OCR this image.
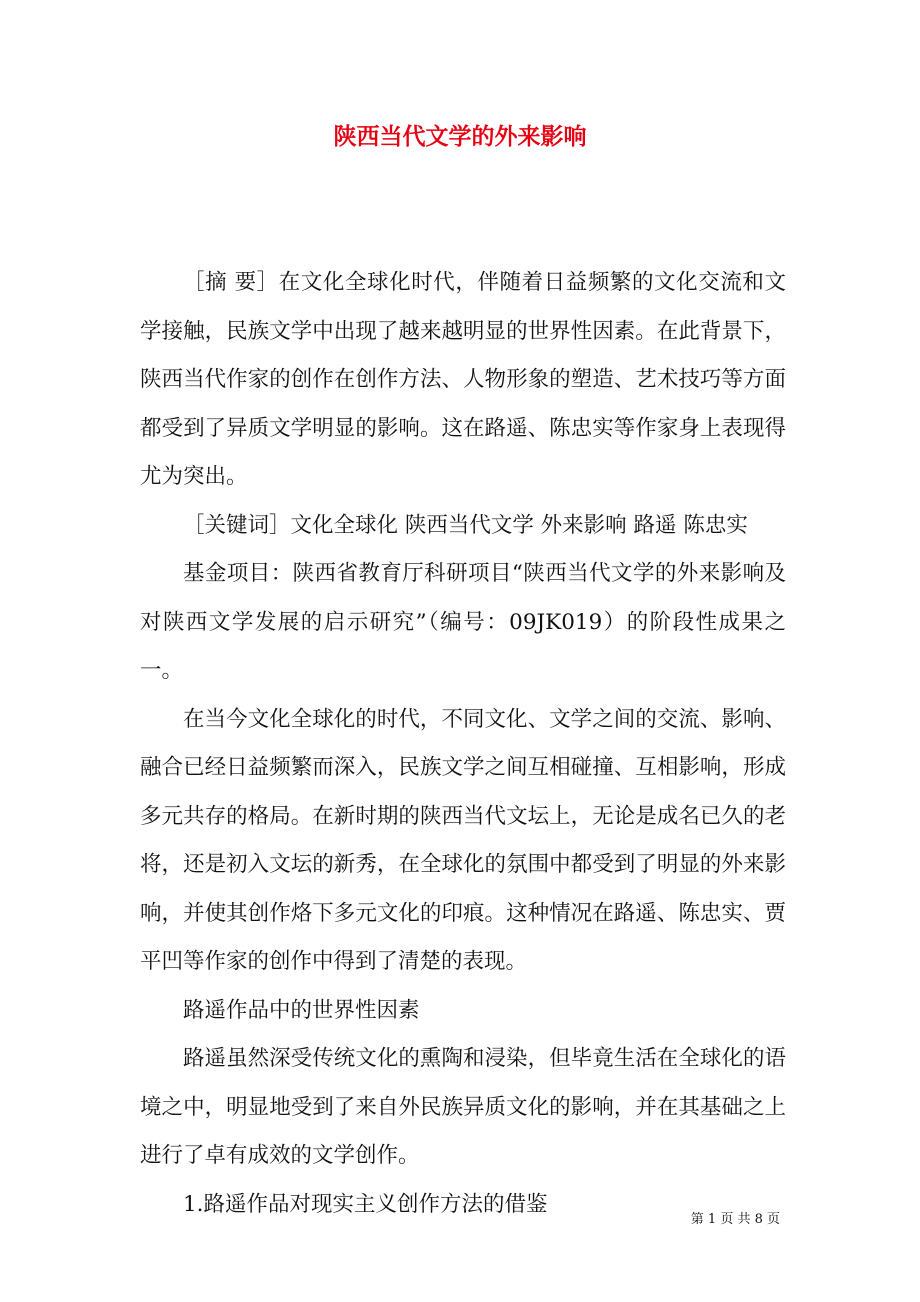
陕西当代文学的外来影响

［摘 要］在文化全球化时代，伴随着日益频繁的文化交流和文学接触，民族文学中出现了越来越明显的世界性因素。在此背景下，陕西当代作家的创作在创作方法、人物形象的塑造、艺术技巧等方面都受到了异质文学明显的影响。这在路遥、陈忠实等作家身上表现得尤为突出。

［关键词］文化全球化 陕西当代文学 外来影响 路遥 陈忠实

基金项目：陕西省教育厅科研项目“陕西当代文学的外来影响及对陕西文学发展的启示研究”（编号：09JK019）的阶段性成果之一。

在当今文化全球化的时代，不同文化、文学之间的交流、影响、融合已经日益频繁而深入，民族文学之间互相碰撞、互相影响，形成多元共存的格局。在新时期的陕西当代文坛上，无论是成名已久的老将，还是初入文坛的新秀，在全球化的氛围中都受到了明显的外来影响，并使其创作烙下多元文化的印痕。这种情况在路遥、陈忠实、贾平凹等作家的创作中得到了清楚的表现。

路遥作品中的世界性因素

路遥虽然深受传统文化的熏陶和浸染，但毕竟生活在全球化的语境之中，明显地受到了来自外民族异质文化的影响，并在其基础之上进行了卓有成效的文学创作。

1.路遥作品对现实主义创作方法的借鉴

第 1 页 共 8 页
